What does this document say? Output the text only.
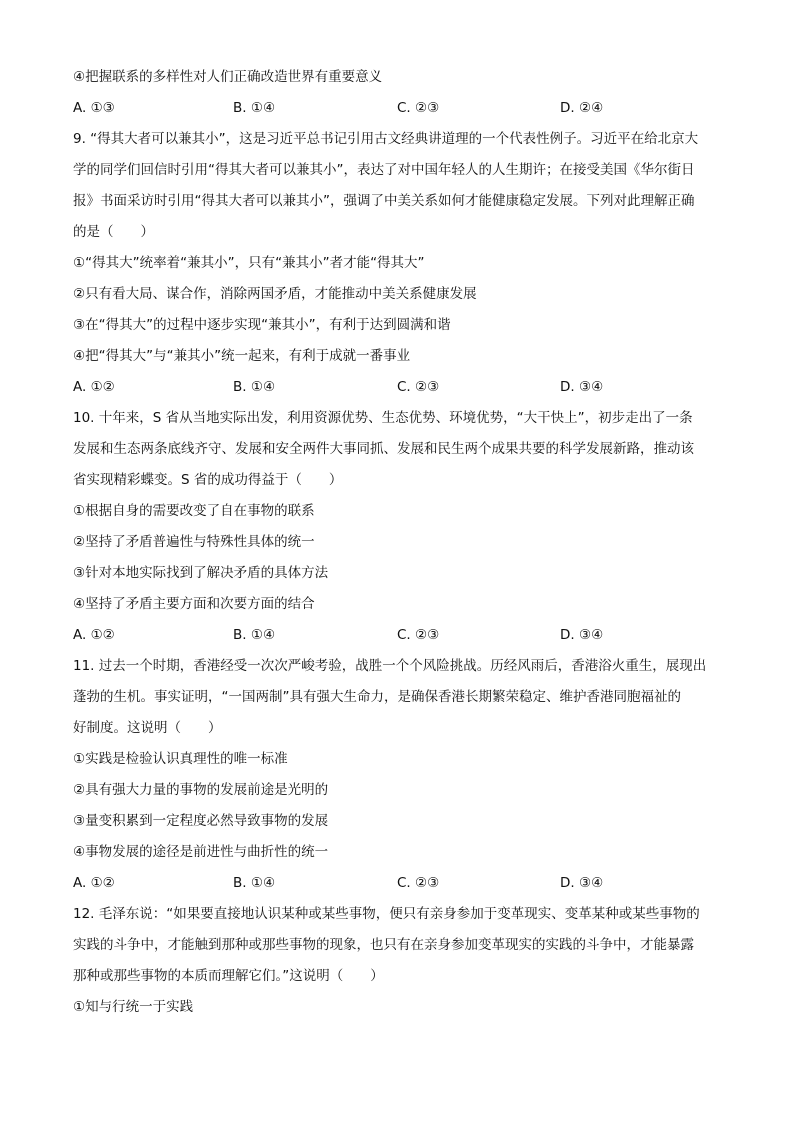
④把握联系的多样性对人们正确改造世界有重要意义
A. ①③	B. ①④	C. ②③	D. ②④
9. “得其大者可以兼其小”，这是习近平总书记引用古文经典讲道理的一个代表性例子。习近平在给北京大
学的同学们回信时引用“得其大者可以兼其小”，表达了对中国年轻人的人生期许；在接受美国《华尔街日
报》书面采访时引用“得其大者可以兼其小”，强调了中美关系如何才能健康稳定发展。下列对此理解正确
的是（　　）
①“得其大”统率着“兼其小”，只有“兼其小”者才能“得其大”
②只有看大局、谋合作，消除两国矛盾，才能推动中美关系健康发展
③在“得其大”的过程中逐步实现“兼其小”，有利于达到圆满和谐
④把“得其大”与“兼其小”统一起来，有利于成就一番事业
A. ①②	B. ①④	C. ②③	D. ③④
10. 十年来，S 省从当地实际出发，利用资源优势、生态优势、环境优势，“大干快上”，初步走出了一条
发展和生态两条底线齐守、发展和安全两件大事同抓、发展和民生两个成果共要的科学发展新路，推动该
省实现精彩蝶变。S 省的成功得益于（　　）
①根据自身的需要改变了自在事物的联系
②坚持了矛盾普遍性与特殊性具体的统一
③针对本地实际找到了解决矛盾的具体方法
④坚持了矛盾主要方面和次要方面的结合
A. ①②	B. ①④	C. ②③	D. ③④
11. 过去一个时期，香港经受一次次严峻考验，战胜一个个风险挑战。历经风雨后，香港浴火重生，展现出
蓬勃的生机。事实证明，“一国两制”具有强大生命力，是确保香港长期繁荣稳定、维护香港同胞福祉的
好制度。这说明（　　）
①实践是检验认识真理性的唯一标准
②具有强大力量的事物的发展前途是光明的
③量变积累到一定程度必然导致事物的发展
④事物发展的途径是前进性与曲折性的统一
A. ①②	B. ①④	C. ②③	D. ③④
12. 毛泽东说：“如果要直接地认识某种或某些事物，便只有亲身参加于变革现实、变革某种或某些事物的
实践的斗争中，才能触到那种或那些事物的现象，也只有在亲身参加变革现实的实践的斗争中，才能暴露
那种或那些事物的本质而理解它们。”这说明（　　）
①知与行统一于实践
